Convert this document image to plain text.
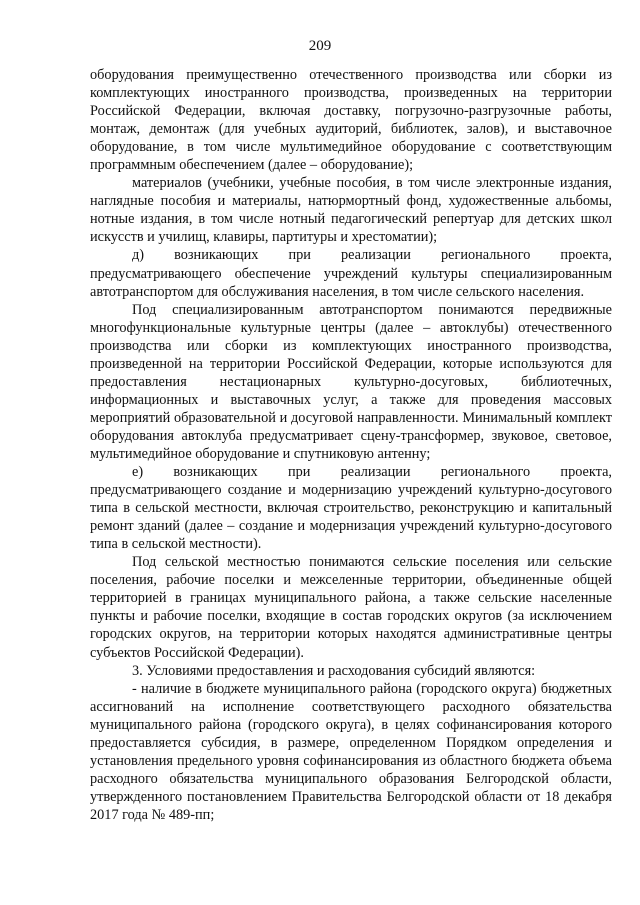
209

оборудования преимущественно отечественного производства или сборки из комплектующих иностранного производства, произведенных на территории Российской Федерации, включая доставку, погрузочно-разгрузочные работы, монтаж, демонтаж (для учебных аудиторий, библиотек, залов), и выставочное оборудование, в том числе мультимедийное оборудование с соответствующим программным обеспечением (далее – оборудование);

материалов (учебники, учебные пособия, в том числе электронные издания, наглядные пособия и материалы, натюрмортный фонд, художественные альбомы, нотные издания, в том числе нотный педагогический репертуар для детских школ искусств и училищ, клавиры, партитуры и хрестоматии);

д) возникающих при реализации регионального проекта, предусматривающего обеспечение учреждений культуры специализированным автотранспортом для обслуживания населения, в том числе сельского населения.

Под специализированным автотранспортом понимаются передвижные многофункциональные культурные центры (далее – автоклубы) отечественного производства или сборки из комплектующих иностранного производства, произведенной на территории Российской Федерации, которые используются для предоставления нестационарных культурно-досуговых, библиотечных, информационных и выставочных услуг, а также для проведения массовых мероприятий образовательной и досуговой направленности. Минимальный комплект оборудования автоклуба предусматривает сцену-трансформер, звуковое, световое, мультимедийное оборудование и спутниковую антенну;

е) возникающих при реализации регионального проекта, предусматривающего создание и модернизацию учреждений культурно-досугового типа в сельской местности, включая строительство, реконструкцию и капитальный ремонт зданий (далее – создание и модернизация учреждений культурно-досугового типа в сельской местности).

Под сельской местностью понимаются сельские поселения или сельские поселения, рабочие поселки и межселенные территории, объединенные общей территорией в границах муниципального района, а также сельские населенные пункты и рабочие поселки, входящие в состав городских округов (за исключением городских округов, на территории которых находятся административные центры субъектов Российской Федерации).

3. Условиями предоставления и расходования субсидий являются:

- наличие в бюджете муниципального района (городского округа) бюджетных ассигнований на исполнение соответствующего расходного обязательства муниципального района (городского округа), в целях софинансирования которого предоставляется субсидия, в размере, определенном Порядком определения и установления предельного уровня софинансирования из областного бюджета объема расходного обязательства муниципального образования Белгородской области, утвержденного постановлением Правительства Белгородской области от 18 декабря 2017 года № 489-пп;
